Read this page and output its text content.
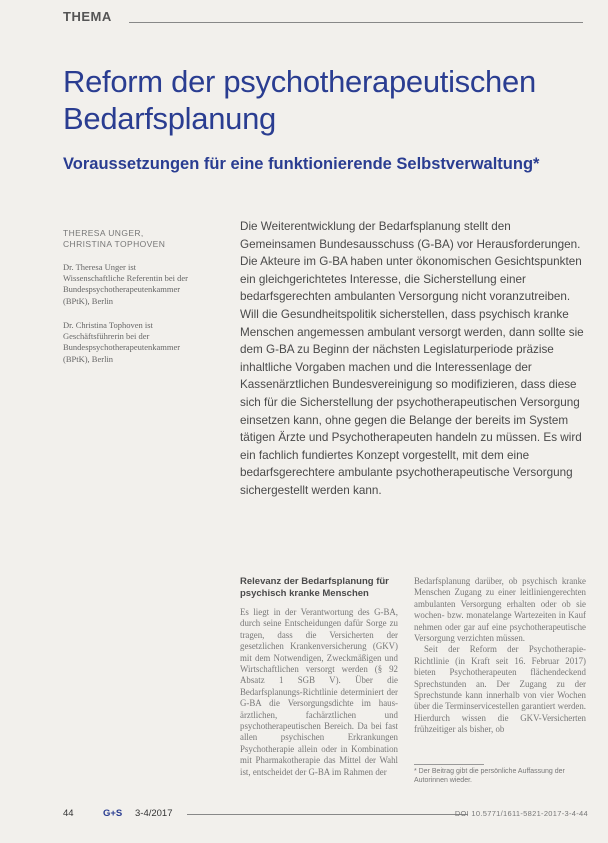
THEMA
Reform der psychotherapeutischen Bedarfsplanung
Voraussetzungen für eine funktionierende Selbstverwaltung*
THERESA UNGER,
CHRISTINA TOPHOVEN
Dr. Theresa Unger ist Wissenschaftliche Referentin bei der Bundespsychotherapeutenkammer (BPtK), Berlin
Dr. Christina Tophoven ist Geschäftsführerin bei der Bundespsychotherapeutenkammer (BPtK), Berlin

Die Weiterentwicklung der Bedarfsplanung stellt den Gemeinsamen Bundesausschuss (G-BA) vor Herausforderungen. Die Akteure im G-BA haben unter ökonomischen Gesichtspunkten ein gleichgerichtetes Interesse, die Sicherstellung einer bedarfsgerechten ambulanten Versorgung nicht voranzutreiben. Will die Gesundheitspolitik sicherstellen, dass psychisch kranke Menschen angemessen ambulant versorgt werden, dann sollte sie dem G-BA zu Beginn der nächsten Legislaturperiode präzise inhaltliche Vorgaben machen und die Interessenlage der Kassenärztlichen Bundesvereinigung so modifizieren, dass diese sich für die Sicherstellung der psychotherapeutischen Versorgung einsetzen kann, ohne gegen die Belange der bereits im System tätigen Ärzte und Psychotherapeuten handeln zu müssen. Es wird ein fachlich fundiertes Konzept vorgestellt, mit dem eine bedarfsgerechtere ambulante psychotherapeutische Versorgung sichergestellt werden kann.

Relevanz der Bedarfsplanung für psychisch kranke Menschen

Es liegt in der Verantwortung des G-BA, durch seine Entscheidungen dafür Sorge zu tragen, dass die Versicherten der gesetzlichen Krankenversicherung (GKV) mit dem Notwendigen, Zweckmäßigen und Wirtschaftlichen versorgt werden (§ 92 Absatz 1 SGB V). Über die Bedarfsplanungs-Richtlinie determiniert der G-BA die Versorgungsdichte im haus- ärztlichen, fachärztlichen und psychotherapeutischen Bereich. Da bei fast allen psychischen Erkrankungen Psychotherapie allein oder in Kombination mit Pharmakotherapie das Mittel der Wahl ist, entscheidet der G-BA im Rahmen der

Bedarfsplanung darüber, ob psychisch kranke Menschen Zugang zu einer leitliniengerechten ambulanten Versorgung erhalten oder ob sie wochen- bzw. monatelange Wartezeiten in Kauf nehmen oder gar auf eine psychotherapeutische Versorgung verzichten müssen.

Seit der Reform der Psychotherapie-Richtlinie (in Kraft seit 16. Februar 2017) bieten Psychotherapeuten flächendeckend Sprechstunden an. Der Zugang zu der Sprechstunde kann innerhalb von vier Wochen über die Terminservicestellen garantiert werden. Hierdurch wissen die GKV-Versicherten frühzeitiger als bisher, ob

* Der Beitrag gibt die persönliche Auffassung der Autorinnen wieder.
44	G+S 3-4/2017	DOI 10.5771/1611-5821-2017-3-4-44
